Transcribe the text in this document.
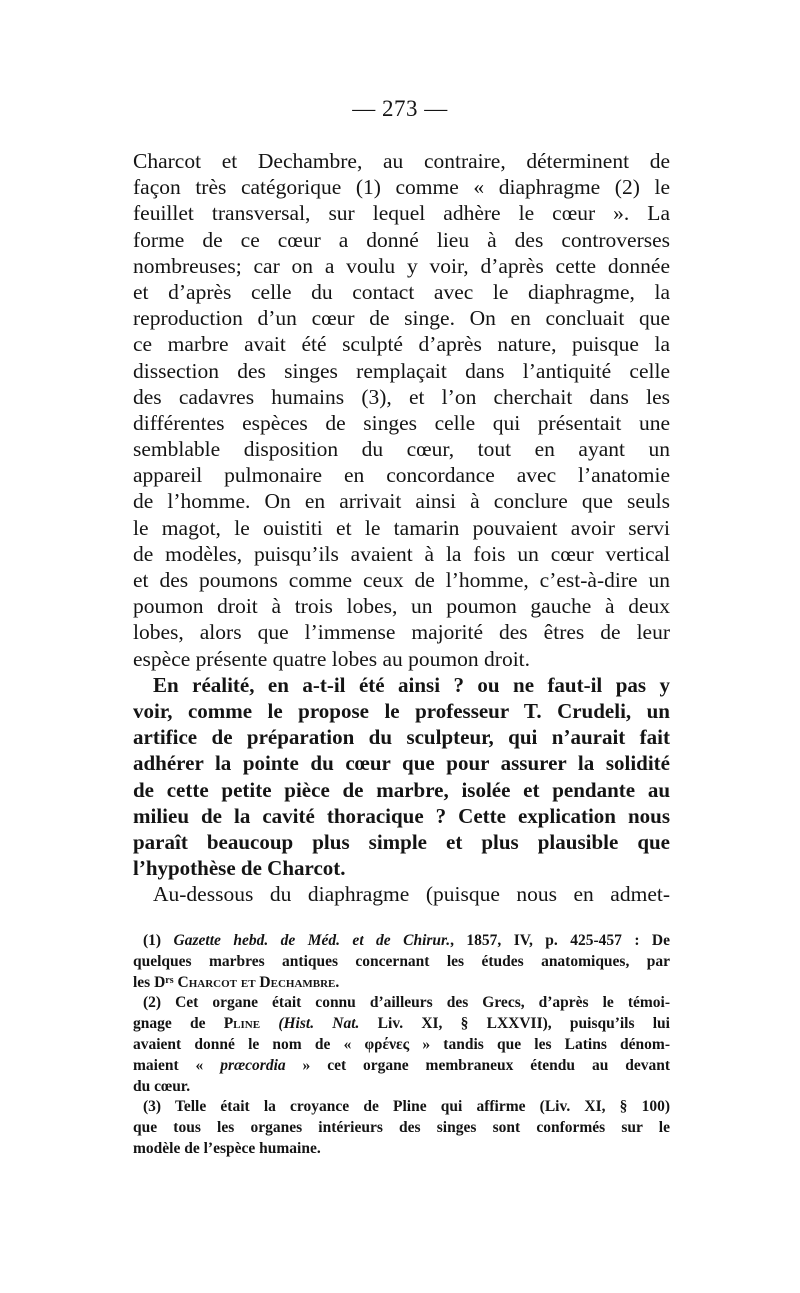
— 273 —
Charcot et Dechambre, au contraire, déterminent de
façon très catégorique (1) comme « diaphragme (2) le
feuillet transversal, sur lequel adhère le cœur ». La
forme de ce cœur a donné lieu à des controverses
nombreuses; car on a voulu y voir, d’après cette donnée
et d’après celle du contact avec le diaphragme, la
reproduction d’un cœur de singe. On en concluait que
ce marbre avait été sculpté d’après nature, puisque la
dissection des singes remplaçait dans l’antiquité celle
des cadavres humains (3), et l’on cherchait dans les
différentes espèces de singes celle qui présentait une
semblable disposition du cœur, tout en ayant un
appareil pulmonaire en concordance avec l’anatomie
de l’homme. On en arrivait ainsi à conclure que seuls
le magot, le ouistiti et le tamarin pouvaient avoir servi
de modèles, puisqu’ils avaient à la fois un cœur vertical
et des poumons comme ceux de l’homme, c’est-à-dire un
poumon droit à trois lobes, un poumon gauche à deux
lobes, alors que l’immense majorité des êtres de leur
espèce présente quatre lobes au poumon droit.
En réalité, en a-t-il été ainsi ? ou ne faut-il pas y
voir, comme le propose le professeur T. Crudeli, un
artifice de préparation du sculpteur, qui n’aurait fait
adhérer la pointe du cœur que pour assurer la solidité
de cette petite pièce de marbre, isolée et pendante au
milieu de la cavité thoracique ? Cette explication nous
paraît beaucoup plus simple et plus plausible que
l’hypothèse de Charcot.
Au-dessous du diaphragme (puisque nous en admet-
(1) Gazette hebd. de Méd. et de Chirur., 1857, IV, p. 425-457 : De
quelques marbres antiques concernant les études anatomiques, par
les $D^{rs}$ Charcot et Dechambre.
(2) Cet organe était connu d’ailleurs des Grecs, d’après le témoi-
gnage de Pline (Hist. Nat. Liv. XI, § LXXVII), puisqu’ils lui
avaient donné le nom de « φρένες » tandis que les Latins dénom-
maient « præcordia » cet organe membraneux étendu au devant
du cœur.
(3) Telle était la croyance de Pline qui affirme (Liv. XI, § 100)
que tous les organes intérieurs des singes sont conformés sur le
modèle de l’espèce humaine.
